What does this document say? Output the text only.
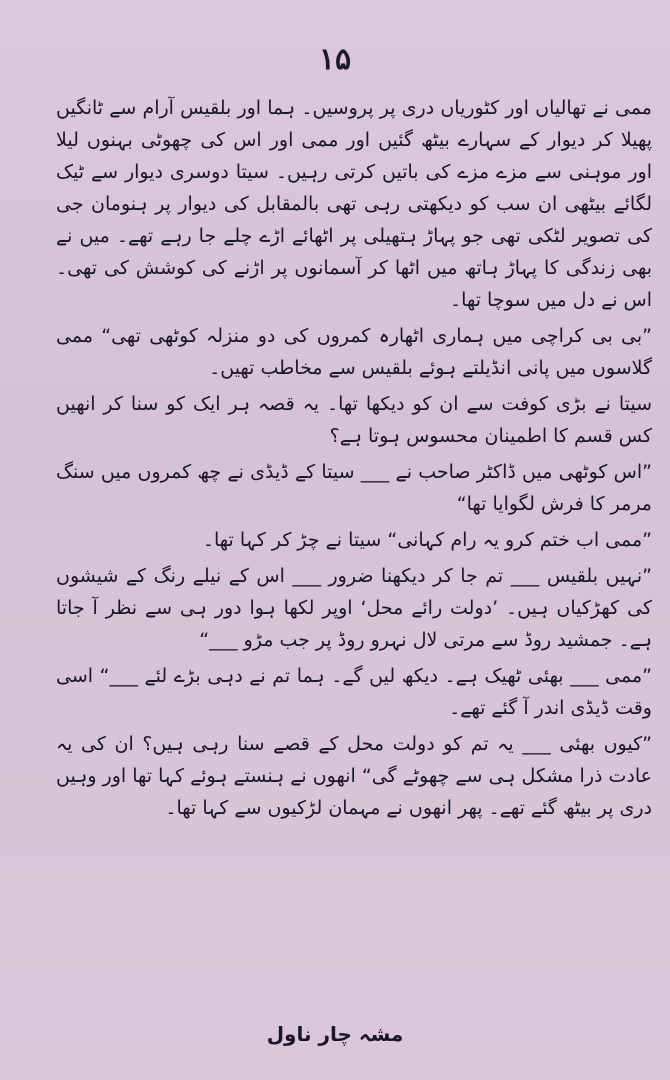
۱۵

ممی نے تھالیاں اور کٹوریاں دری پر پروسیں۔ ہما اور بلقیس آرام سے ٹانگیں پھیلا کر دیوار کے سہارے بیٹھ گئیں اور ممی اور اس کی چھوٹی بہنوں لیلا اور موہنی سے مزے مزے کی باتیں کرتی رہیں۔ سیتا دوسری دیوار سے ٹیک لگائے بیٹھی ان سب کو دیکھتی رہی تھی بالمقابل کی دیوار پر ہنومان جی کی تصویر لٹکی تھی جو پہاڑ ہتھیلی پر اٹھائے اڑے چلے جا رہے تھے۔ میں نے بھی زندگی کا پہاڑ ہاتھ میں اٹھا کر آسمانوں پر اڑنے کی کوشش کی تھی۔ اس نے دل میں سوچا تھا۔

”بی بی کراچی میں ہماری اٹھارہ کمروں کی دو منزلہ کوٹھی تھی“ ممی گلاسوں میں پانی انڈیلتے ہوئے بلقیس سے مخاطب تھیں۔

سیتا نے بڑی کوفت سے ان کو دیکھا تھا۔ یہ قصہ ہر ایک کو سنا کر انھیں کس قسم کا اطمینان محسوس ہوتا ہے؟

”اس کوٹھی میں ڈاکٹر صاحب نے ___ سیتا کے ڈیڈی نے چھ کمروں میں سنگ مرمر کا فرش لگوایا تھا“

”ممی اب ختم کرو یہ رام کہانی“ سیتا نے چڑ کر کہا تھا۔

”نہیں بلقیس ___ تم جا کر دیکھنا ضرور ___ اس کے نیلے رنگ کے شیشوں کی کھڑکیاں ہیں۔ ’دولت رائے محل‘ اوپر لکھا ہوا دور ہی سے نظر آ جاتا ہے۔ جمشید روڈ سے مرتی لال نہرو روڈ پر جب مڑو ___“

”ممی ___ بھئی ٹھیک ہے۔ دیکھ لیں گے۔ ہما تم نے دہی بڑے لئے ___“ اسی وقت ڈیڈی اندر آ گئے تھے۔

”کیوں بھئی ___ یہ تم کو دولت محل کے قصے سنا رہی ہیں؟ ان کی یہ عادت ذرا مشکل ہی سے چھوٹے گی“ انھوں نے ہنستے ہوئے کہا تھا اور وہیں دری پر بیٹھ گئے تھے۔ پھر انھوں نے مہمان لڑکیوں سے کہا تھا۔

مشہ چار ناول
